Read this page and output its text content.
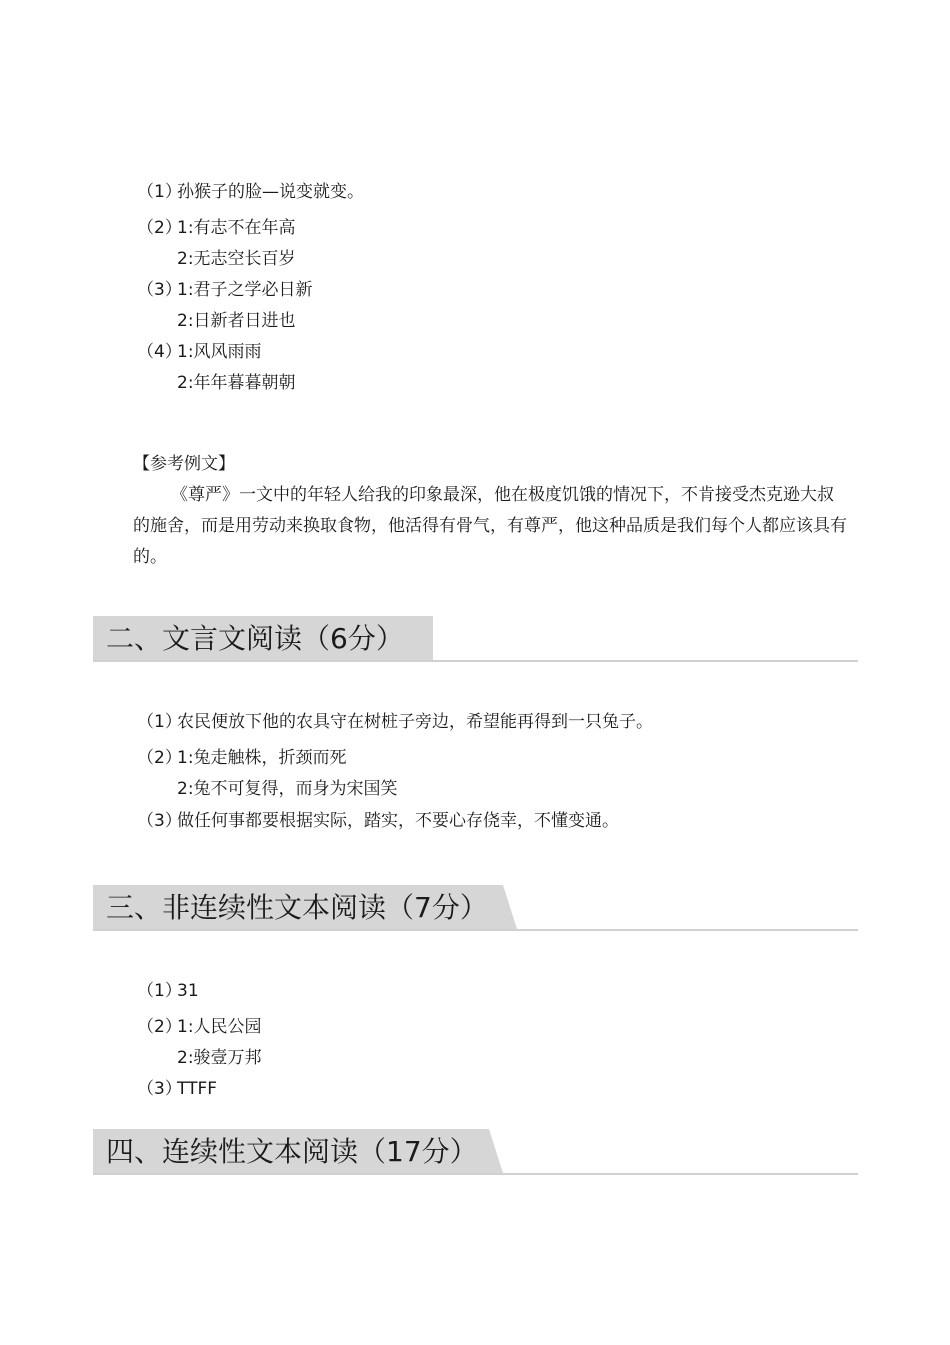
（1）
孙猴子的脸—说变就变。
（2）
1:有志不在年高
2:无志空长百岁
（3）
1:君子之学必日新
2:日新者日进也
（4）
1:风风雨雨
2:年年暮暮朝朝
【参考例文】
《尊严》一文中的年轻人给我的印象最深，他在极度饥饿的情况下，不肯接受杰克逊大叔的施舍，而是用劳动来换取食物，他活得有骨气，有尊严，他这种品质是我们每个人都应该具有的。
二、文言文阅读（6分）
（1）
农民便放下他的农具守在树桩子旁边，希望能再得到一只兔子。
（2）
1:兔走触株，折颈而死
2:兔不可复得，而身为宋国笑
（3）
做任何事都要根据实际，踏实，不要心存侥幸，不懂变通。
三、非连续性文本阅读（7分）
（1）
31
（2）
1:人民公园
2:骏壹万邦
（3）
TTFF
四、连续性文本阅读（17分）
